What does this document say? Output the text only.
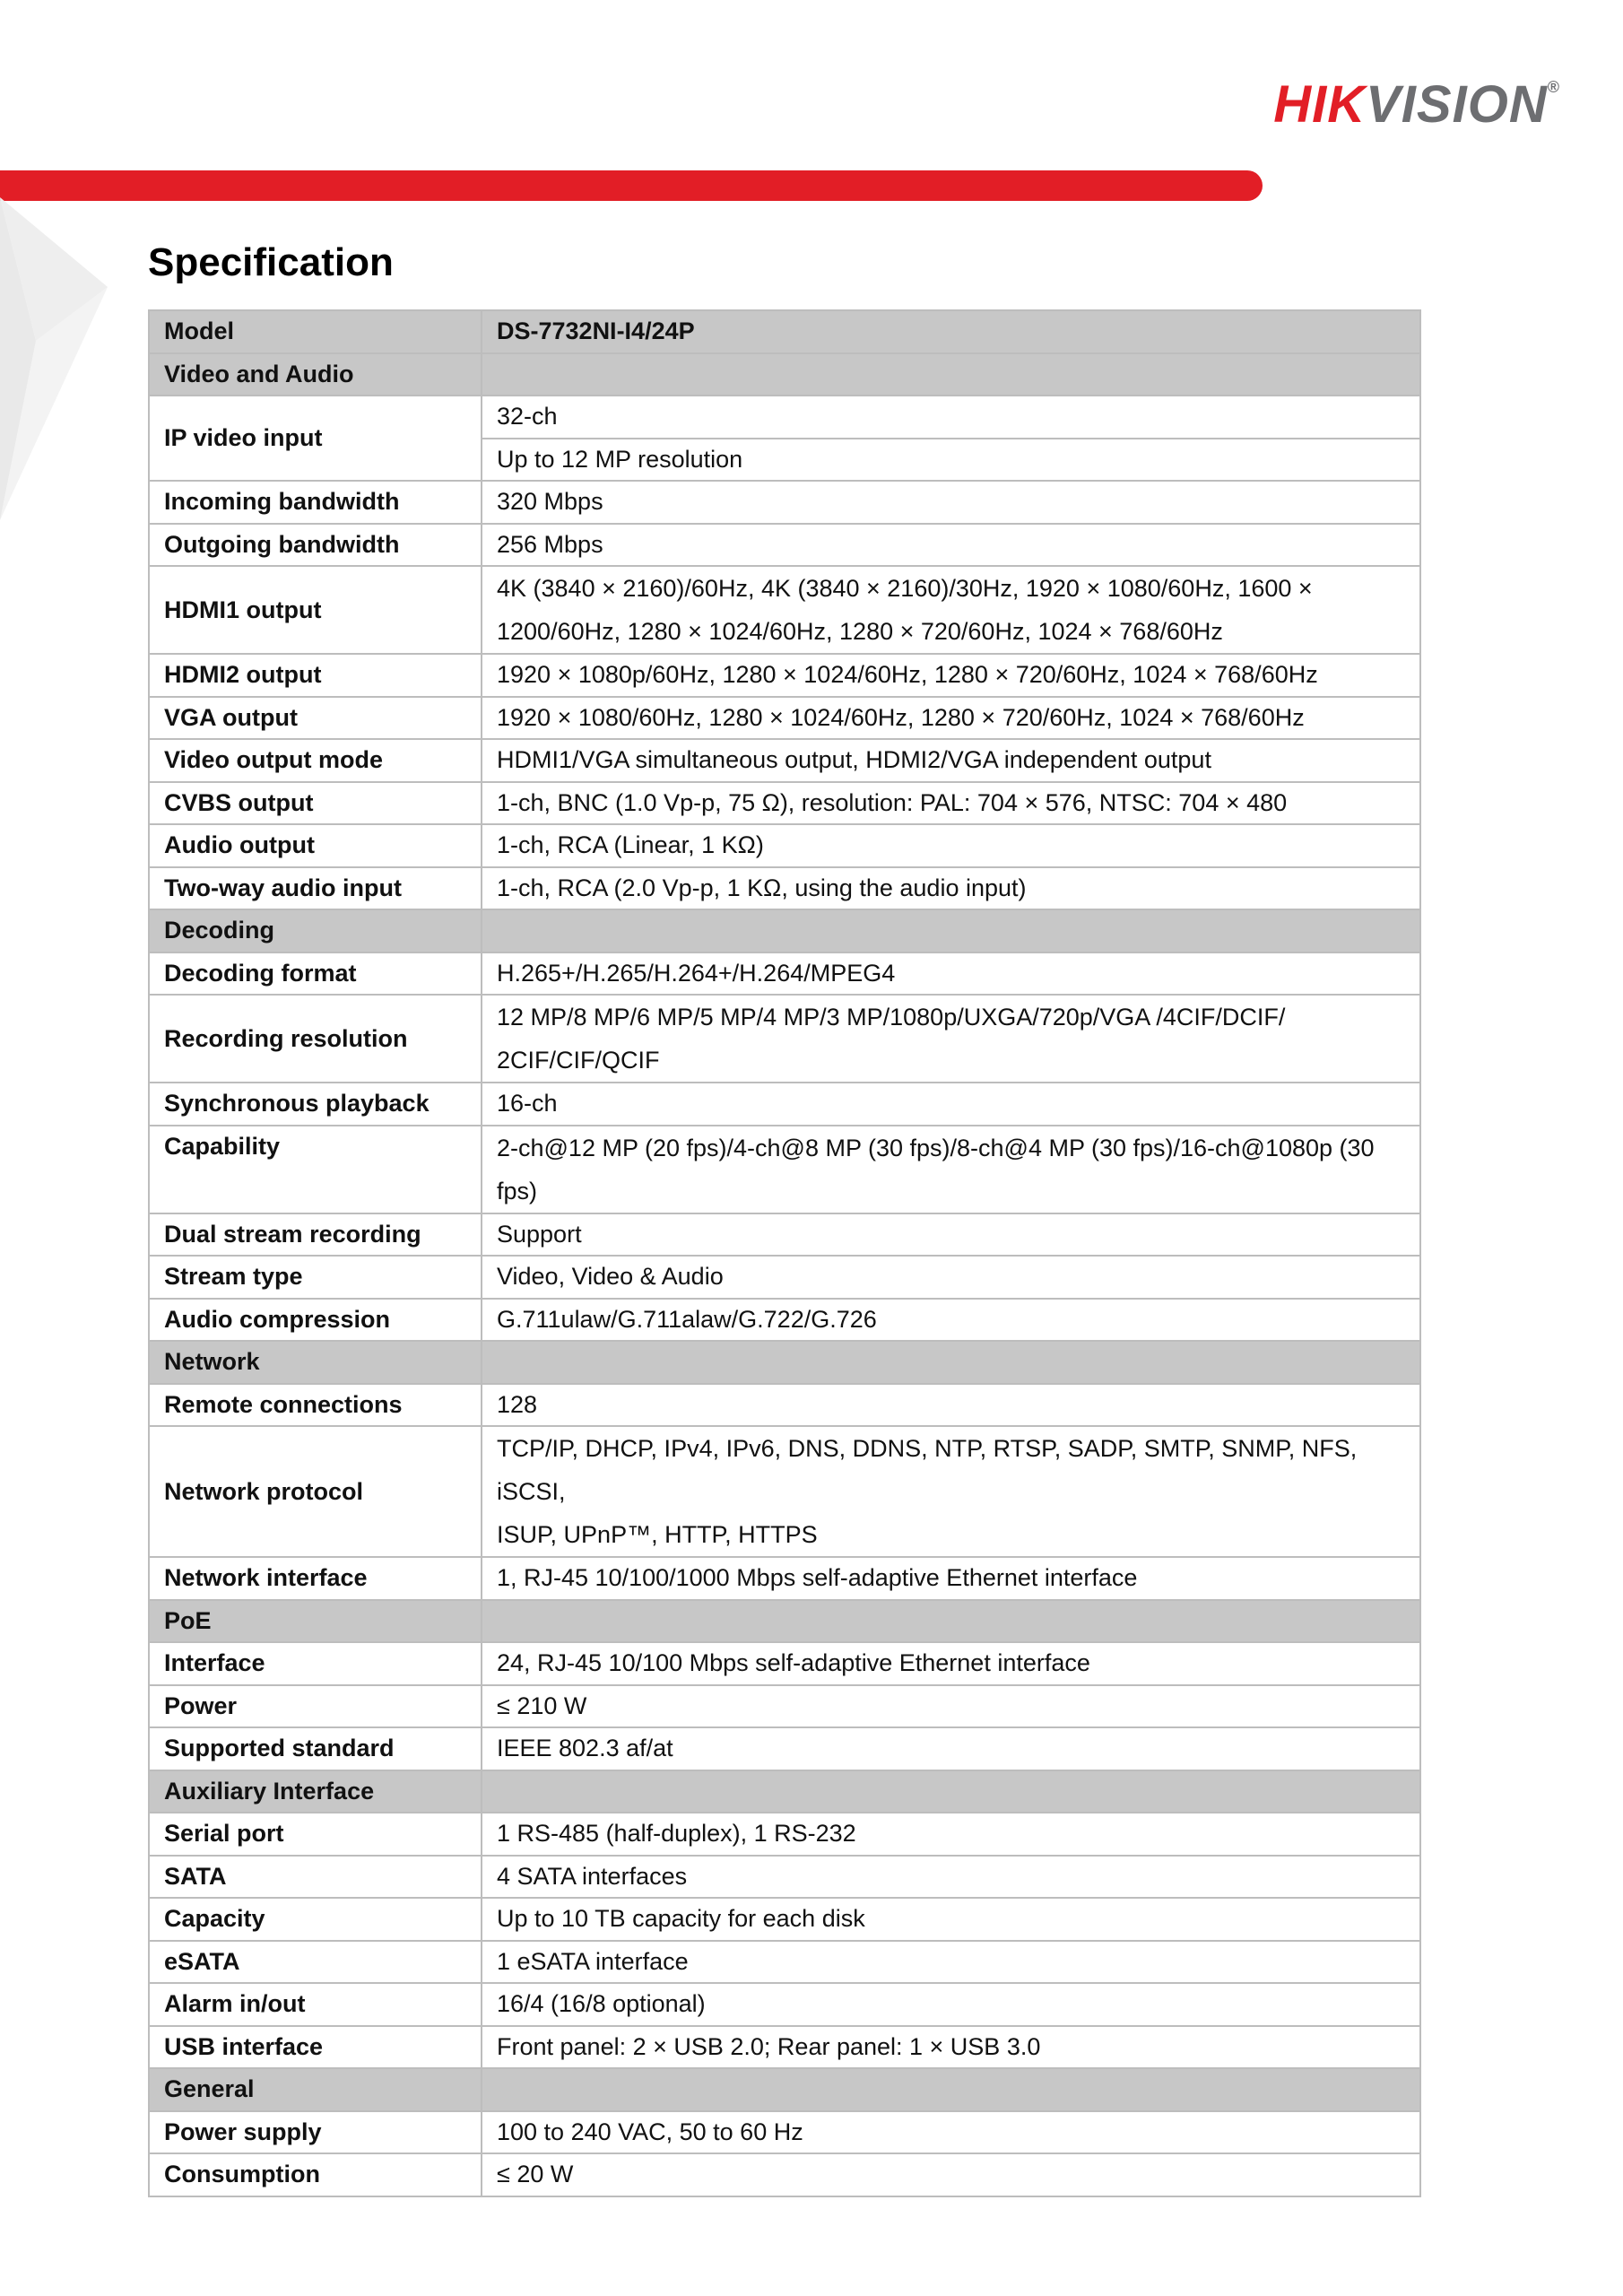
HIKVISION®
Specification
Model	DS-7732NI-I4/24P
Video and Audio	
IP video input	32-ch
	Up to 12 MP resolution
Incoming bandwidth	320 Mbps
Outgoing bandwidth	256 Mbps
HDMI1 output	4K (3840 × 2160)/60Hz, 4K (3840 × 2160)/30Hz, 1920 × 1080/60Hz, 1600 ×
1200/60Hz, 1280 × 1024/60Hz, 1280 × 720/60Hz, 1024 × 768/60Hz
HDMI2 output	1920 × 1080p/60Hz, 1280 × 1024/60Hz, 1280 × 720/60Hz, 1024 × 768/60Hz
VGA output	1920 × 1080/60Hz, 1280 × 1024/60Hz, 1280 × 720/60Hz, 1024 × 768/60Hz
Video output mode	HDMI1/VGA simultaneous output, HDMI2/VGA independent output
CVBS output	1-ch, BNC (1.0 Vp-p, 75 Ω), resolution: PAL: 704 × 576, NTSC: 704 × 480
Audio output	1-ch, RCA (Linear, 1 KΩ)
Two-way audio input	1-ch, RCA (2.0 Vp-p, 1 KΩ, using the audio input)
Decoding	
Decoding format	H.265+/H.265/H.264+/H.264/MPEG4
Recording resolution	12 MP/8 MP/6 MP/5 MP/4 MP/3 MP/1080p/UXGA/720p/VGA /4CIF/DCIF/
2CIF/CIF/QCIF
Synchronous playback	16-ch
Capability	2-ch@12 MP (20 fps)/4-ch@8 MP (30 fps)/8-ch@4 MP (30 fps)/16-ch@1080p (30
fps)
Dual stream recording	Support
Stream type	Video, Video & Audio
Audio compression	G.711ulaw/G.711alaw/G.722/G.726
Network	
Remote connections	128
Network protocol	TCP/IP, DHCP, IPv4, IPv6, DNS, DDNS, NTP, RTSP, SADP, SMTP, SNMP, NFS, iSCSI,
ISUP, UPnP™, HTTP, HTTPS
Network interface	1, RJ-45 10/100/1000 Mbps self-adaptive Ethernet interface
PoE	
Interface	24, RJ-45 10/100 Mbps self-adaptive Ethernet interface
Power	≤ 210 W
Supported standard	IEEE 802.3 af/at
Auxiliary Interface	
Serial port	1 RS-485 (half-duplex), 1 RS-232
SATA	4 SATA interfaces
Capacity	Up to 10 TB capacity for each disk
eSATA	1 eSATA interface
Alarm in/out	16/4 (16/8 optional)
USB interface	Front panel: 2 × USB 2.0; Rear panel: 1 × USB 3.0
General	
Power supply	100 to 240 VAC, 50 to 60 Hz
Consumption	≤ 20 W
